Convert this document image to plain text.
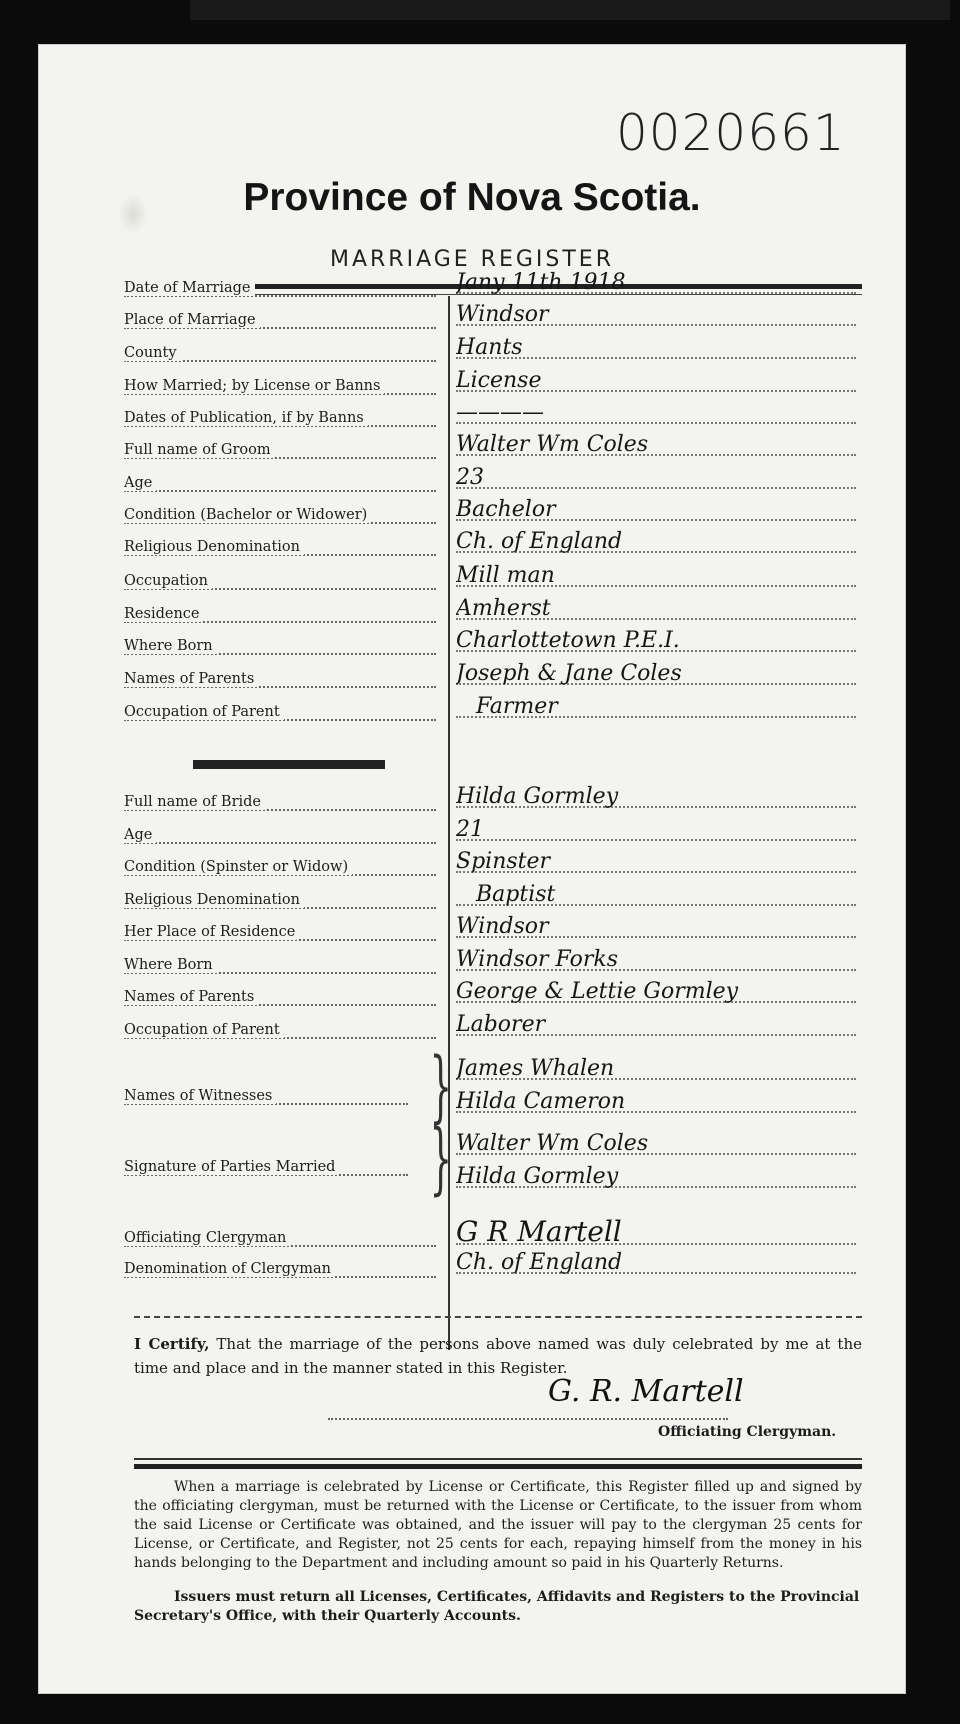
0020661
Province of Nova Scotia.
MARRIAGE REGISTER
Date of Marriage	Jany 11th 1918
Place of Marriage	Windsor
County	Hants
How Married; by License or Banns	License
Dates of Publication, if by Banns	————
Full name of Groom	Walter Wm Coles
Age	23
Condition (Bachelor or Widower)	Bachelor
Religious Denomination	Ch. of England
Occupation	Mill man
Residence	Amherst
Where Born	Charlottetown P.E.I.
Names of Parents	Joseph & Jane Coles
Occupation of Parent	Farmer
Full name of Bride	Hilda Gormley
Age	21
Condition (Spinster or Widow)	Spinster
Religious Denomination	Baptist
Her Place of Residence	Windsor
Where Born	Windsor Forks
Names of Parents	George & Lettie Gormley
Occupation of Parent	Laborer
Names of Witnesses	} James Whalen
Hilda Cameron
Signature of Parties Married	} Walter Wm Coles
Hilda Gormley
Officiating Clergyman	G R Martell
Denomination of Clergyman	Ch. of England
I Certify, That the marriage of the persons above named was duly celebrated by me at the time and place and in the manner stated in this Register.
G. R. Martell
Officiating Clergyman.
When a marriage is celebrated by License or Certificate, this Register filled up and signed by the officiating clergyman, must be returned with the License or Certificate, to the issuer from whom the said License or Certificate was obtained, and the issuer will pay to the clergyman 25 cents for License, or Certificate, and Register, not 25 cents for each, repaying himself from the money in his hands belonging to the Department and including amount so paid in his Quarterly Returns.
Issuers must return all Licenses, Certificates, Affidavits and Registers to the Provincial Secretary's Office, with their Quarterly Accounts.
